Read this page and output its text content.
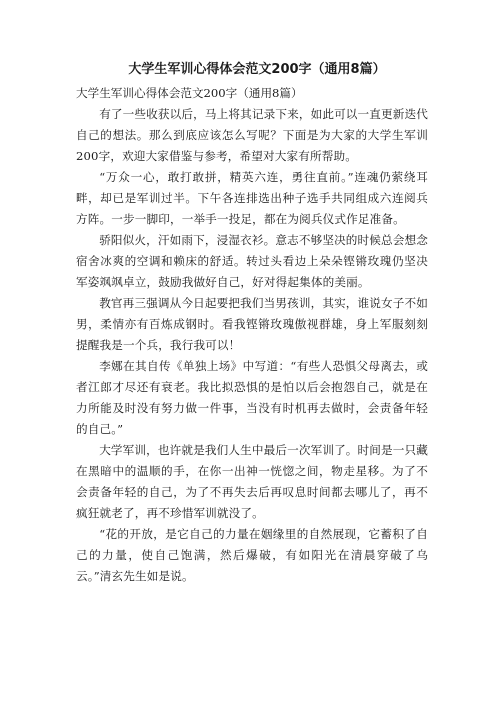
大学生军训心得体会范文200字（通用8篇）

大学生军训心得体会范文200字（通用8篇）

有了一些收获以后，马上将其记录下来，如此可以一直更新迭代自己的想法。那么到底应该怎么写呢？下面是为大家的大学生军训200字，欢迎大家借鉴与参考，希望对大家有所帮助。

“万众一心，敢打敢拼，精英六连，勇往直前。”连魂仍萦绕耳畔，却已是军训过半。下午各连排选出种子选手共同组成六连阅兵方阵。一步一脚印，一举手一投足，都在为阅兵仪式作足准备。

骄阳似火，汗如雨下，浸湿衣衫。意志不够坚决的时候总会想念宿舍冰爽的空调和赖床的舒适。转过头看边上朵朵铿锵玫瑰仍坚决军姿飒飒卓立，鼓励我做好自己，好对得起集体的美丽。

教官再三强调从今日起要把我们当男孩训，其实，谁说女子不如男，柔情亦有百炼成钢时。看我铿锵玫瑰傲视群雄，身上军服刻刻提醒我是一个兵，我行我可以！

李娜在其自传《单独上场》中写道：“有些人恐惧父母离去，或者江郎才尽还有衰老。我比拟恐惧的是怕以后会抱怨自己，就是在力所能及时没有努力做一件事，当没有时机再去做时，会责备年轻的自己。”

大学军训，也许就是我们人生中最后一次军训了。时间是一只藏在黑暗中的温顺的手，在你一出神一恍惚之间，物走星移。为了不会责备年轻的自己，为了不再失去后再叹息时间都去哪儿了，再不疯狂就老了，再不珍惜军训就没了。

“花的开放，是它自己的力量在姻缘里的自然展现，它蓄积了自己的力量，使自己饱满，然后爆破，有如阳光在清晨穿破了乌云。”清玄先生如是说。
